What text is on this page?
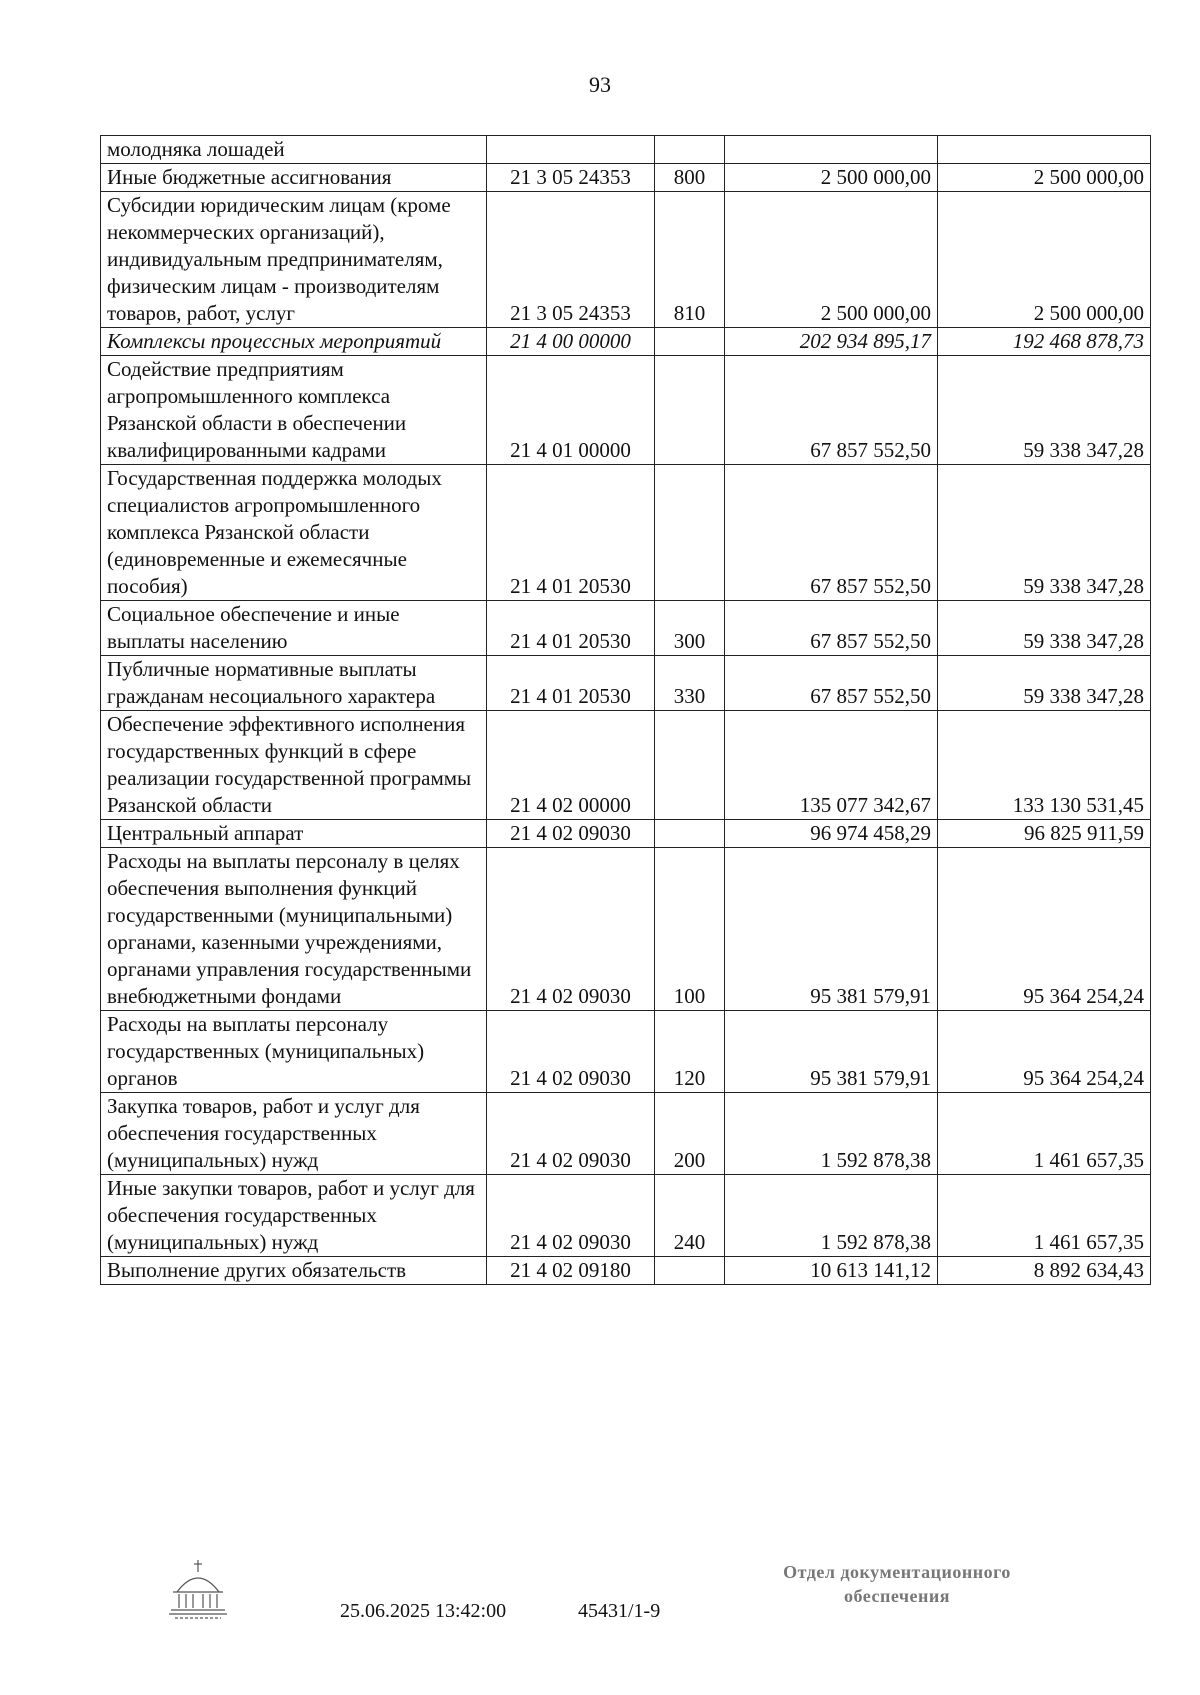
93
молодняка лошадей				
Иные бюджетные ассигнования	21 3 05 24353	800	2 500 000,00	2 500 000,00
Субсидии юридическим лицам (кроме некоммерческих организаций), индивидуальным предпринимателям, физическим лицам - производителям товаров, работ, услуг	21 3 05 24353	810	2 500 000,00	2 500 000,00
Комплексы процессных мероприятий	21 4 00 00000		202 934 895,17	192 468 878,73
Содействие предприятиям агропромышленного комплекса Рязанской области в обеспечении квалифицированными кадрами	21 4 01 00000		67 857 552,50	59 338 347,28
Государственная поддержка молодых специалистов агропромышленного комплекса Рязанской области (единовременные и ежемесячные пособия)	21 4 01 20530		67 857 552,50	59 338 347,28
Социальное обеспечение и иные выплаты населению	21 4 01 20530	300	67 857 552,50	59 338 347,28
Публичные нормативные выплаты гражданам несоциального характера	21 4 01 20530	330	67 857 552,50	59 338 347,28
Обеспечение эффективного исполнения государственных функций в сфере реализации государственной программы Рязанской области	21 4 02 00000		135 077 342,67	133 130 531,45
Центральный аппарат	21 4 02 09030		96 974 458,29	96 825 911,59
Расходы на выплаты персоналу в целях обеспечения выполнения функций государственными (муниципальными) органами, казенными учреждениями, органами управления государственными внебюджетными фондами	21 4 02 09030	100	95 381 579,91	95 364 254,24
Расходы на выплаты персоналу государственных (муниципальных) органов	21 4 02 09030	120	95 381 579,91	95 364 254,24
Закупка товаров, работ и услуг для обеспечения государственных (муниципальных) нужд	21 4 02 09030	200	1 592 878,38	1 461 657,35
Иные закупки товаров, работ и услуг для обеспечения государственных (муниципальных) нужд	21 4 02 09030	240	1 592 878,38	1 461 657,35
Выполнение других обязательств	21 4 02 09180		10 613 141,12	8 892 634,43
25.06.2025 13:42:00	45431/1-9
Отдел документационного
обеспечения
